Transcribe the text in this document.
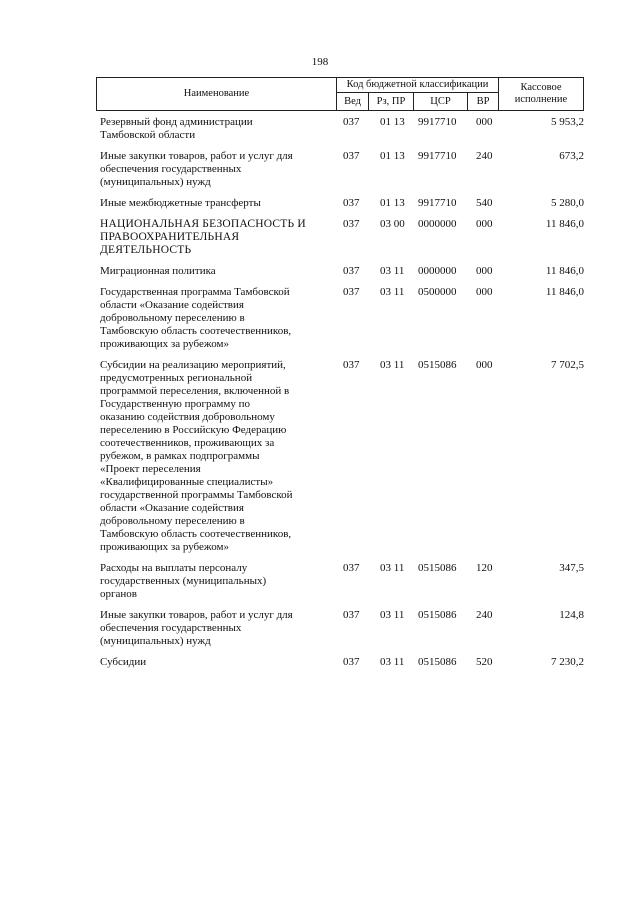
198
Наименование
Код бюджетной классификации
Вед	Рз, ПР	ЦСР	ВР
Кассовое исполнение
Резервный фонд администрации
Тамбовской области
037 01 13 9917710 000	5 953,2
Иные закупки товаров, работ и услуг для
обеспечения государственных
(муниципальных) нужд
037 01 13 9917710 240	673,2
Иные межбюджетные трансферты	037 01 13 9917710 540	5 280,0
НАЦИОНАЛЬНАЯ БЕЗОПАСНОСТЬ И
ПРАВООХРАНИТЕЛЬНАЯ
ДЕЯТЕЛЬНОСТЬ
037 03 00 0000000 000	11 846,0
Миграционная политика	037 03 11 0000000 000	11 846,0
Государственная программа Тамбовской
области «Оказание содействия
добровольному переселению в
Тамбовскую область соотечественников,
проживающих за рубежом»
037 03 11 0500000 000	11 846,0
Субсидии на реализацию мероприятий,
предусмотренных региональной
программой переселения, включенной в
Государственную программу по
оказанию содействия добровольному
переселению в Российскую Федерацию
соотечественников, проживающих за
рубежом, в рамках подпрограммы
«Проект переселения
«Квалифицированные специалисты»
государственной программы Тамбовской
области «Оказание содействия
добровольному переселению в
Тамбовскую область соотечественников,
проживающих за рубежом»
037 03 11 0515086 000	7 702,5
Расходы на выплаты персоналу
государственных (муниципальных)
органов
037 03 11 0515086 120	347,5
Иные закупки товаров, работ и услуг для
обеспечения государственных
(муниципальных) нужд
037 03 11 0515086 240	124,8
Субсидии	037 03 11 0515086 520	7 230,2
